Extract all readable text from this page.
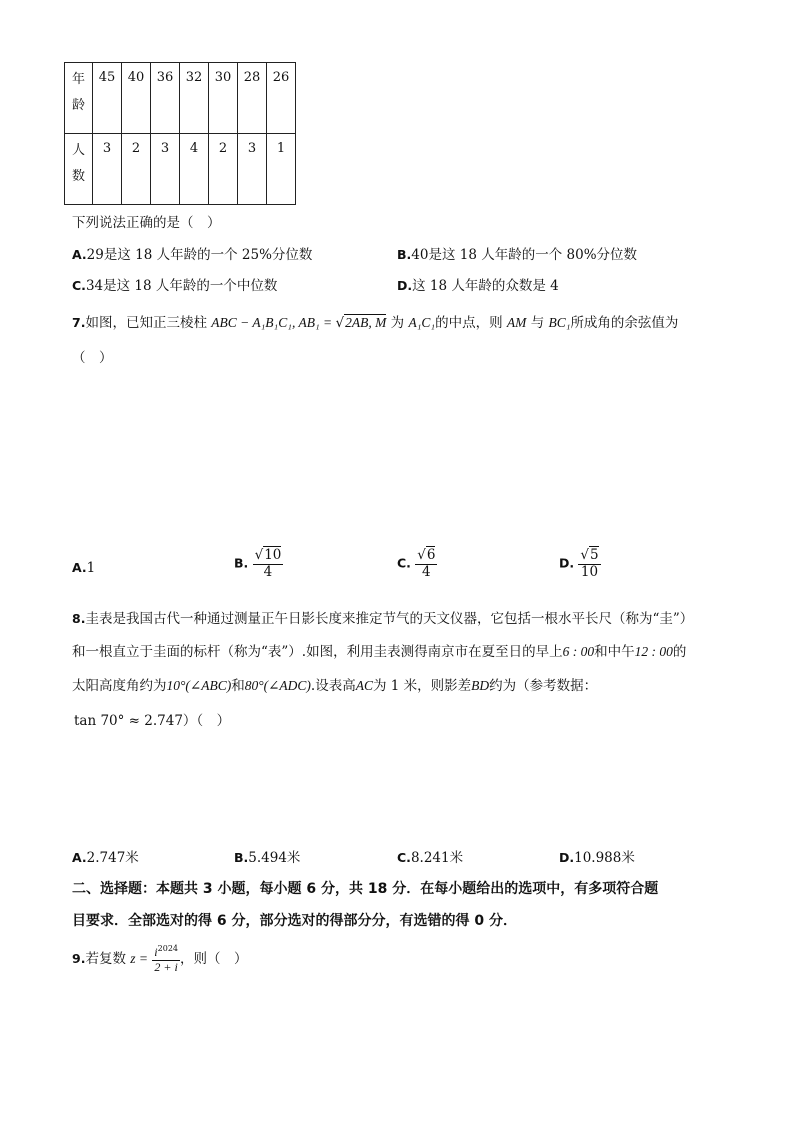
年
龄	45	40	36	32	30	28	26
人
数	3	2	3	4	2	3	1
下列说法正确的是（　）
A.29是这 18 人年龄的一个 25%分位数	B.40是这 18 人年龄的一个 80%分位数
C.34是这 18 人年龄的一个中位数	D.这 18 人年龄的众数是 4
7.如图，已知正三棱柱 ABC − A₁B₁C₁, AB₁ = √2AB, M 为 A₁C₁的中点，则 AM 与 BC₁所成角的余弦值为
（　）
A.1	B. $\frac{√10}{4}$	C. $\frac{√6}{4}$	D. $\frac{√5}{10}$
8.圭表是我国古代一种通过测量正午日影长度来推定节气的天文仪器，它包括一根水平长尺（称为“圭”）
和一根直立于圭面的标杆（称为“表”）.如图，利用圭表测得南京市在夏至日的早上6 : 00和中午12 : 00的
太阳高度角约为10°(∠ABC)和80°(∠ADC).设表高AC为 1 米，则影差BD约为（参考数据：
tan 70° ≈ 2.747）（　）
A.2.747米	B.5.494米	C.8.241米	D.10.988米
二、选择题：本题共 3 小题，每小题 6 分，共 18 分．在每小题给出的选项中，有多项符合题
目要求．全部选对的得 6 分，部分选对的得部分分，有选错的得 0 分．
9.若复数 $z = \frac{i^{2024}}{2 + i}$ ，则（　）
